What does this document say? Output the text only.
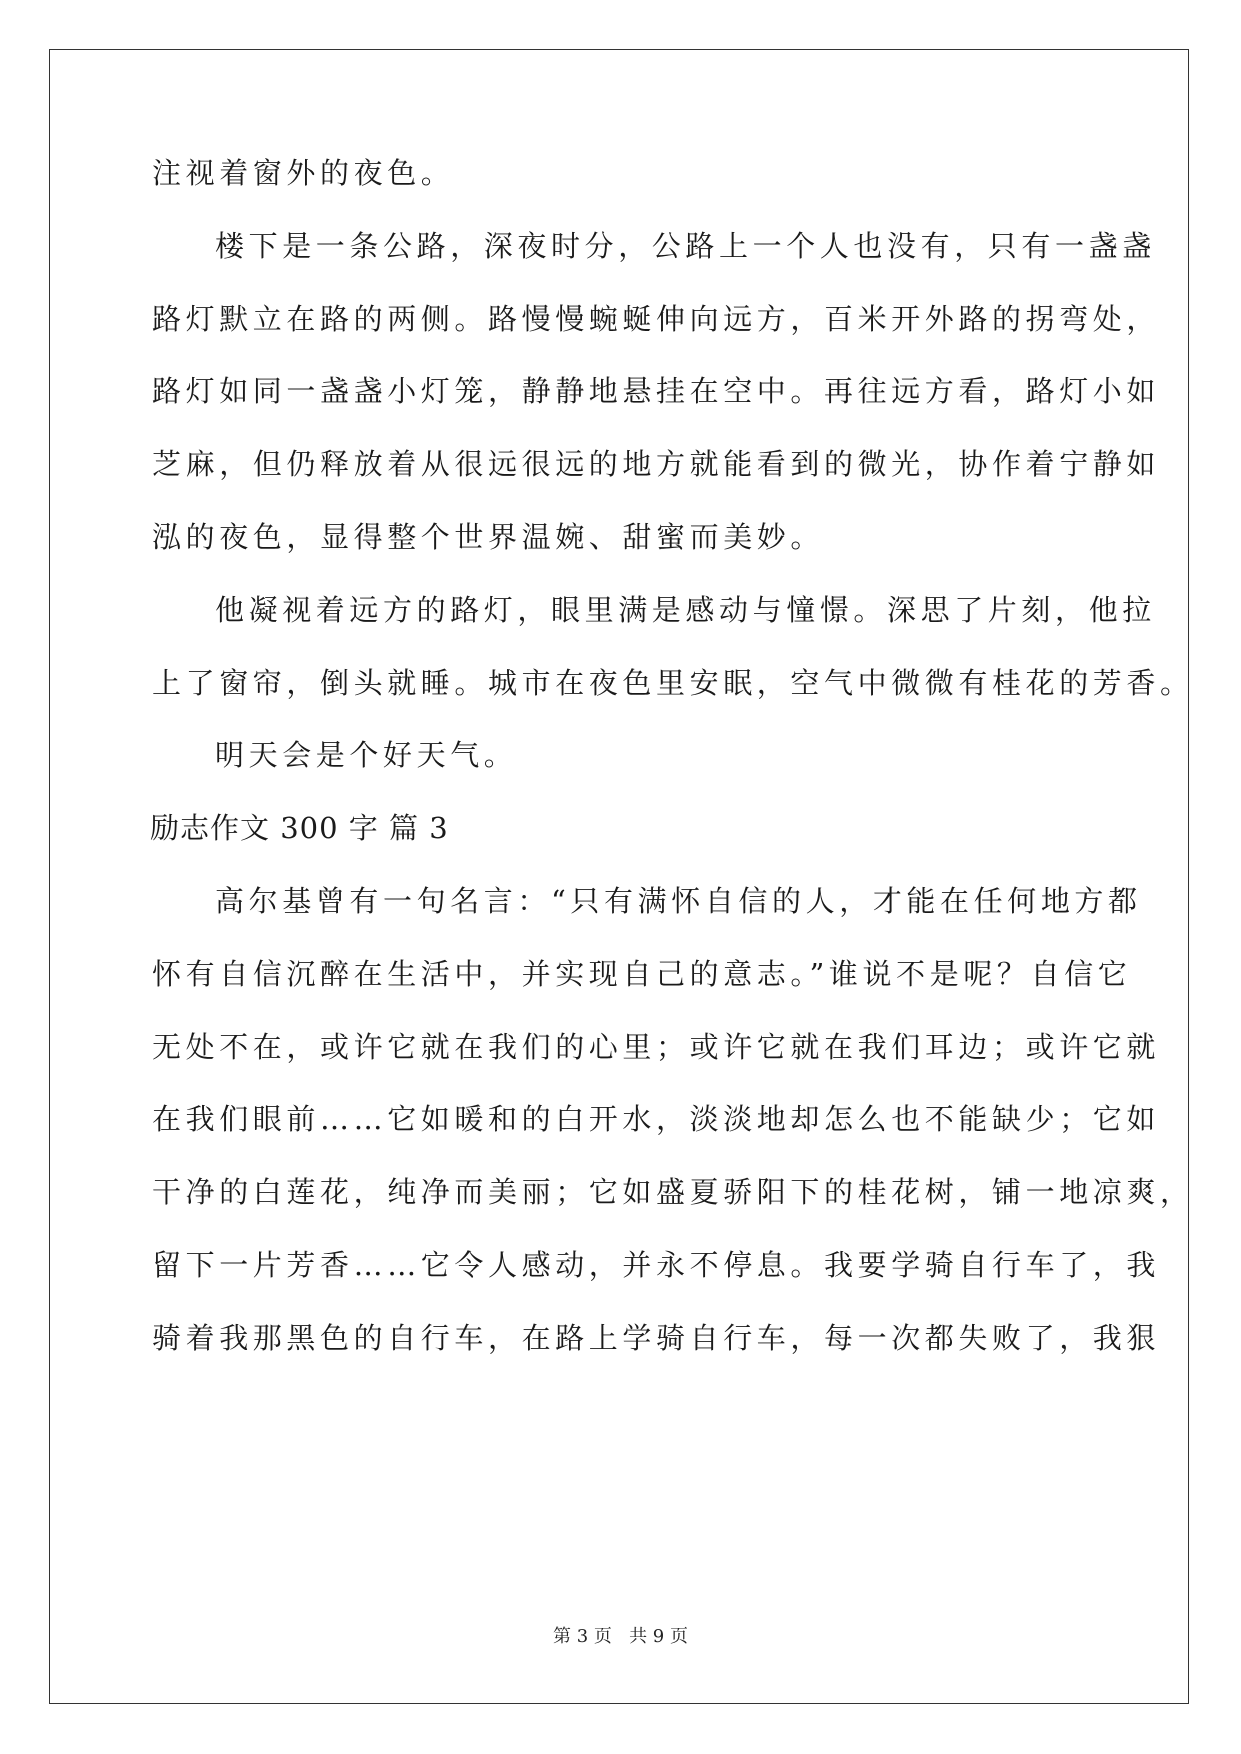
注视着窗外的夜色。
楼下是一条公路，深夜时分，公路上一个人也没有，只有一盏盏
路灯默立在路的两侧。路慢慢蜿蜒伸向远方，百米开外路的拐弯处，
路灯如同一盏盏小灯笼，静静地悬挂在空中。再往远方看，路灯小如
芝麻，但仍释放着从很远很远的地方就能看到的微光，协作着宁静如
泓的夜色，显得整个世界温婉、甜蜜而美妙。
他凝视着远方的路灯，眼里满是感动与憧憬。深思了片刻，他拉
上了窗帘，倒头就睡。城市在夜色里安眠，空气中微微有桂花的芳香。
明天会是个好天气。
励志作文 300 字 篇 3
高尔基曾有一句名言：“只有满怀自信的人，才能在任何地方都
怀有自信沉醉在生活中，并实现自己的意志。”谁说不是呢？自信它
无处不在，或许它就在我们的心里；或许它就在我们耳边；或许它就
在我们眼前……它如暖和的白开水，淡淡地却怎么也不能缺少；它如
干净的白莲花，纯净而美丽；它如盛夏骄阳下的桂花树，铺一地凉爽，
留下一片芳香……它令人感动，并永不停息。我要学骑自行车了，我
骑着我那黑色的自行车，在路上学骑自行车，每一次都失败了，我狠
第 3 页   共 9 页
